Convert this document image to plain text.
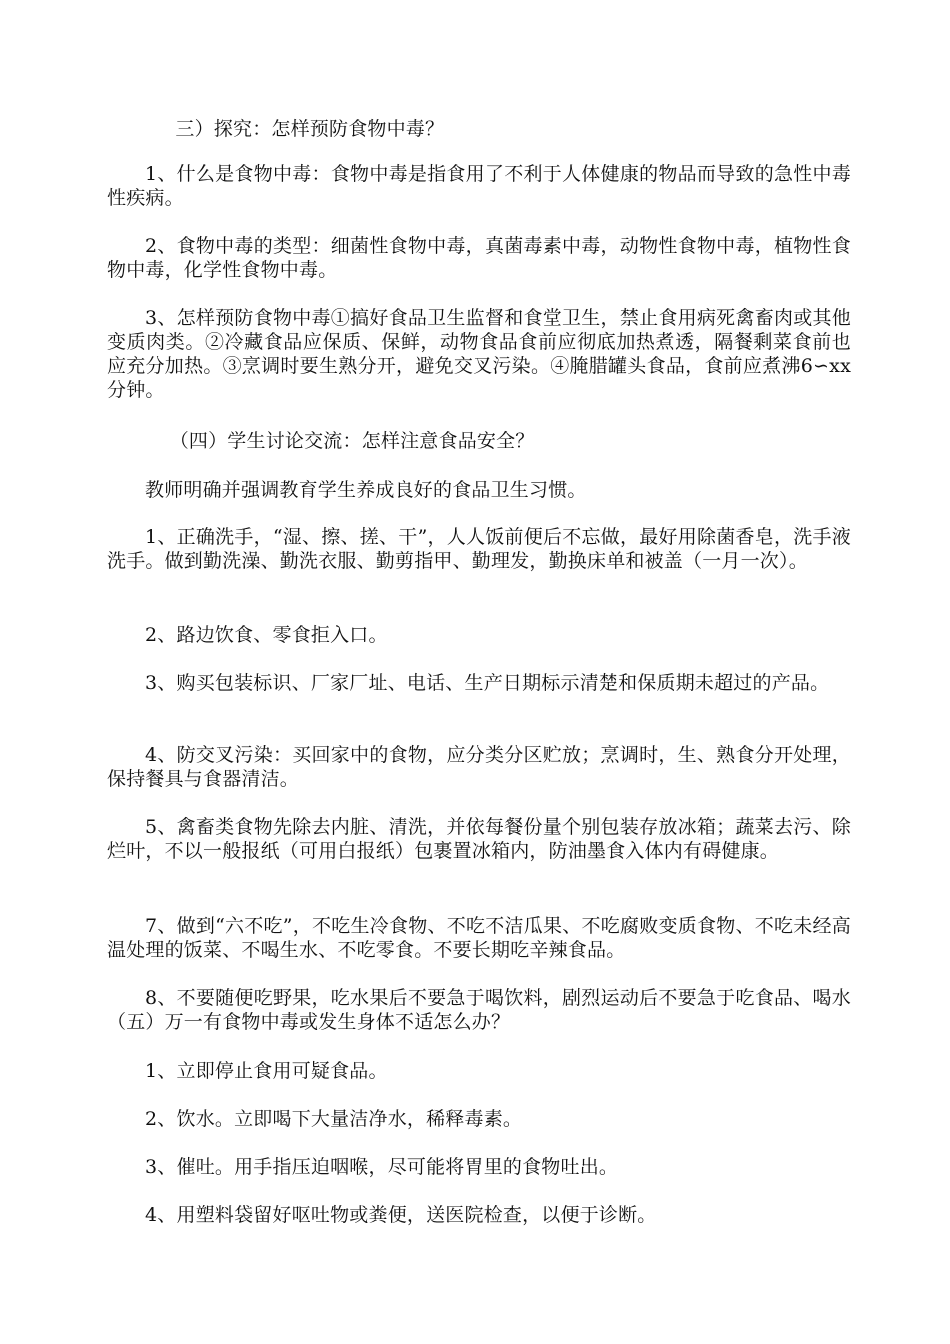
三）探究：怎样预防食物中毒？

1、什么是食物中毒：食物中毒是指食用了不利于人体健康的物品而导致的急性中毒性疾病。

2、食物中毒的类型：细菌性食物中毒，真菌毒素中毒，动物性食物中毒，植物性食物中毒，化学性食物中毒。

3、怎样预防食物中毒①搞好食品卫生监督和食堂卫生，禁止食用病死禽畜肉或其他变质肉类。②冷藏食品应保质、保鲜，动物食品食前应彻底加热煮透，隔餐剩菜食前也应充分加热。③烹调时要生熟分开，避免交叉污染。④腌腊罐头食品，食前应煮沸6∽xx分钟。

（四）学生讨论交流：怎样注意食品安全？

教师明确并强调教育学生养成良好的食品卫生习惯。

1、正确洗手，“湿、擦、搓、干”，人人饭前便后不忘做，最好用除菌香皂，洗手液洗手。做到勤洗澡、勤洗衣服、勤剪指甲、勤理发，勤换床单和被盖（一月一次）。

2、路边饮食、零食拒入口。

3、购买包装标识、厂家厂址、电话、生产日期标示清楚和保质期未超过的产品。

4、防交叉污染：买回家中的食物，应分类分区贮放；烹调时，生、熟食分开处理，保持餐具与食器清洁。

5、禽畜类食物先除去内脏、清洗，并依每餐份量个别包装存放冰箱；蔬菜去污、除烂叶，不以一般报纸（可用白报纸）包裹置冰箱内，防油墨食入体内有碍健康。

7、做到“六不吃”，不吃生冷食物、不吃不洁瓜果、不吃腐败变质食物、不吃未经高温处理的饭菜、不喝生水、不吃零食。不要长期吃辛辣食品。

8、不要随便吃野果，吃水果后不要急于喝饮料，剧烈运动后不要急于吃食品、喝水（五）万一有食物中毒或发生身体不适怎么办？

1、立即停止食用可疑食品。

2、饮水。立即喝下大量洁净水，稀释毒素。

3、催吐。用手指压迫咽喉，尽可能将胃里的食物吐出。

4、用塑料袋留好呕吐物或粪便，送医院检查，以便于诊断。
